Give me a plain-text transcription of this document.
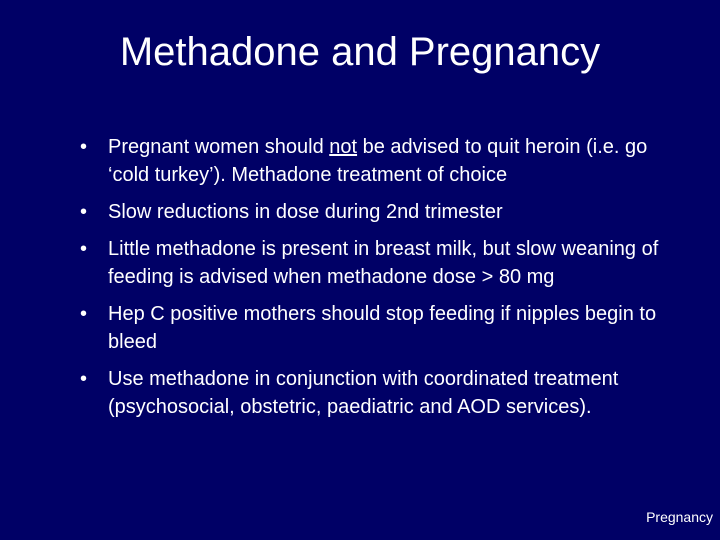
Methadone and Pregnancy
•	Pregnant women should not be advised to quit heroin (i.e. go ‘cold turkey’). Methadone treatment of choice
•	Slow reductions in dose during 2nd trimester
•	Little methadone is present in breast milk, but slow weaning of feeding is advised when methadone dose > 80 mg
•	Hep C positive mothers should stop feeding if nipples begin to bleed
•	Use methadone in conjunction with coordinated treatment (psychosocial, obstetric, paediatric and AOD services).
Pregnancy
